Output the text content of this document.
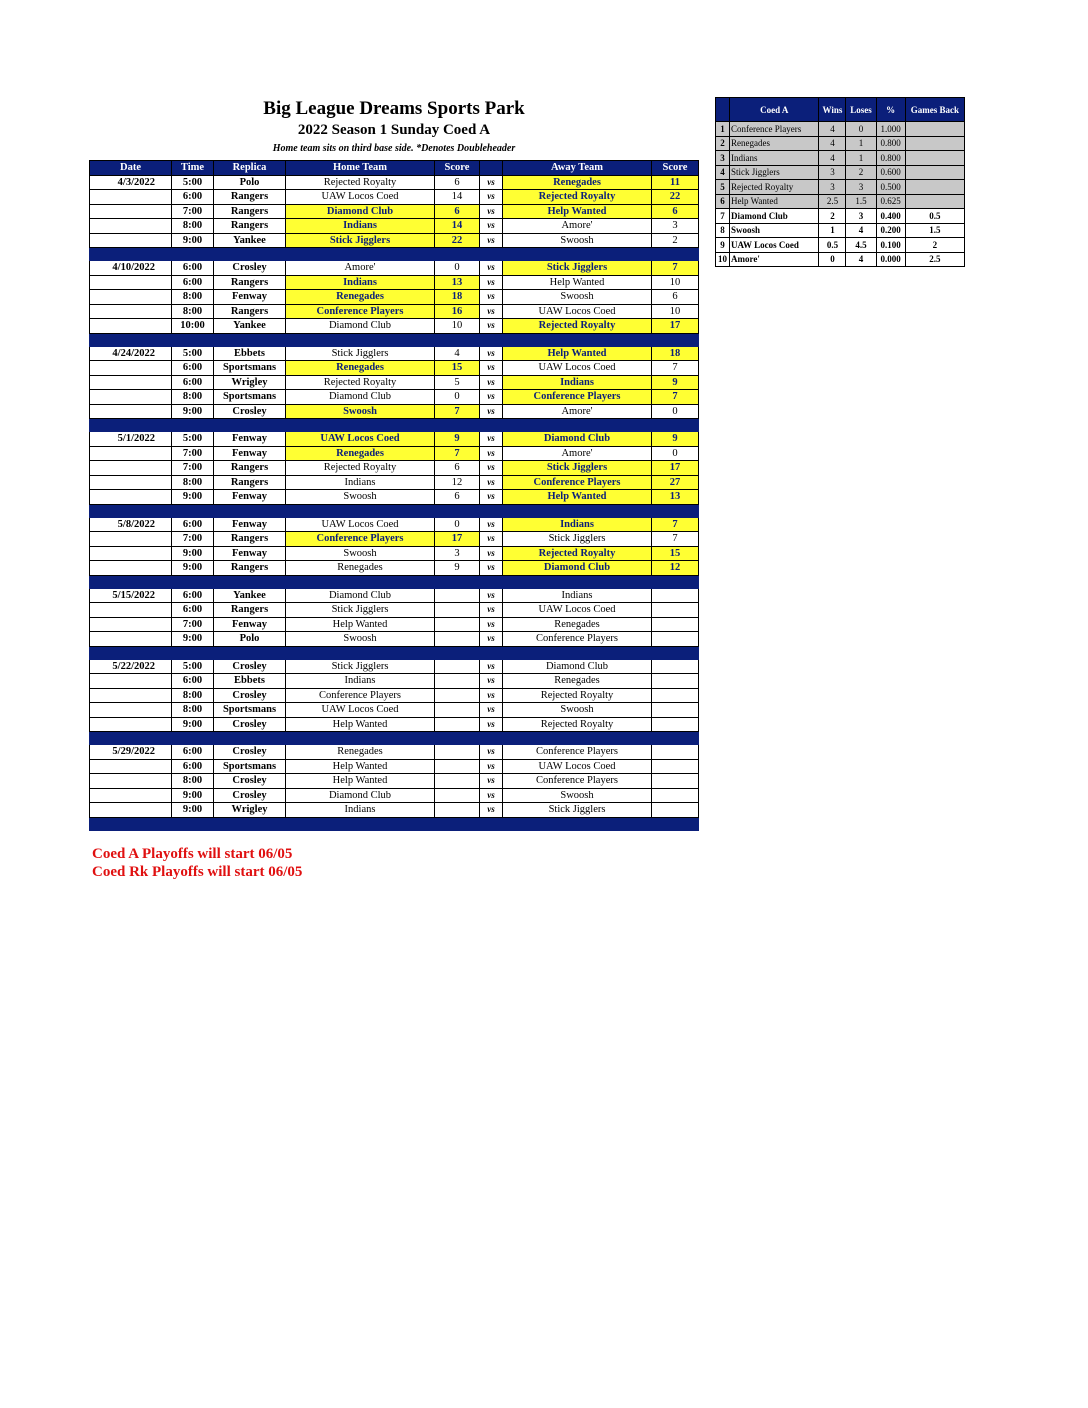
Big League Dreams Sports Park
2022 Season 1 Sunday Coed A
Home team sits on third base side. *Denotes Doubleheader
Date	Time	Replica	Home Team	Score		Away Team	Score
4/3/2022	5:00	Polo	Rejected Royalty	6	vs	Renegades	11
	6:00	Rangers	UAW Locos Coed	14	vs	Rejected Royalty	22
	7:00	Rangers	Diamond Club	6	vs	Help Wanted	6
	8:00	Rangers	Indians	14	vs	Amore'	3
	9:00	Yankee	Stick Jigglers	22	vs	Swoosh	2

4/10/2022	6:00	Crosley	Amore'	0	vs	Stick Jigglers	7
	6:00	Rangers	Indians	13	vs	Help Wanted	10
	8:00	Fenway	Renegades	18	vs	Swoosh	6
	8:00	Rangers	Conference Players	16	vs	UAW Locos Coed	10
	10:00	Yankee	Diamond Club	10	vs	Rejected Royalty	17

4/24/2022	5:00	Ebbets	Stick Jigglers	4	vs	Help Wanted	18
	6:00	Sportsmans	Renegades	15	vs	UAW Locos Coed	7
	6:00	Wrigley	Rejected Royalty	5	vs	Indians	9
	8:00	Sportsmans	Diamond Club	0	vs	Conference Players	7
	9:00	Crosley	Swoosh	7	vs	Amore'	0

5/1/2022	5:00	Fenway	UAW Locos Coed	9	vs	Diamond Club	9
	7:00	Fenway	Renegades	7	vs	Amore'	0
	7:00	Rangers	Rejected Royalty	6	vs	Stick Jigglers	17
	8:00	Rangers	Indians	12	vs	Conference Players	27
	9:00	Fenway	Swoosh	6	vs	Help Wanted	13

5/8/2022	6:00	Fenway	UAW Locos Coed	0	vs	Indians	7
	7:00	Rangers	Conference Players	17	vs	Stick Jigglers	7
	9:00	Fenway	Swoosh	3	vs	Rejected Royalty	15
	9:00	Rangers	Renegades	9	vs	Diamond Club	12

5/15/2022	6:00	Yankee	Diamond Club		vs	Indians	
	6:00	Rangers	Stick Jigglers		vs	UAW Locos Coed	
	7:00	Fenway	Help Wanted		vs	Renegades	
	9:00	Polo	Swoosh		vs	Conference Players	

5/22/2022	5:00	Crosley	Stick Jigglers		vs	Diamond Club	
	6:00	Ebbets	Indians		vs	Renegades	
	8:00	Crosley	Conference Players		vs	Rejected Royalty	
	8:00	Sportsmans	UAW Locos Coed		vs	Swoosh	
	9:00	Crosley	Help Wanted		vs	Rejected Royalty	

5/29/2022	6:00	Crosley	Renegades		vs	Conference Players	
	6:00	Sportsmans	Help Wanted		vs	UAW Locos Coed	
	8:00	Crosley	Help Wanted		vs	Conference Players	
	9:00	Crosley	Diamond Club		vs	Swoosh	
	9:00	Wrigley	Indians		vs	Stick Jigglers	

	Coed A	Wins	Loses	%	Games Back
1	Conference Players	4	0	1.000	
2	Renegades	4	1	0.800	
3	Indians	4	1	0.800	
4	Stick Jigglers	3	2	0.600	
5	Rejected Royalty	3	3	0.500	
6	Help Wanted	2.5	1.5	0.625	
7	Diamond Club	2	3	0.400	0.5
8	Swoosh	1	4	0.200	1.5
9	UAW Locos Coed	0.5	4.5	0.100	2
10	Amore'	0	4	0.000	2.5
Coed A Playoffs will start 06/05
Coed Rk Playoffs will start 06/05
